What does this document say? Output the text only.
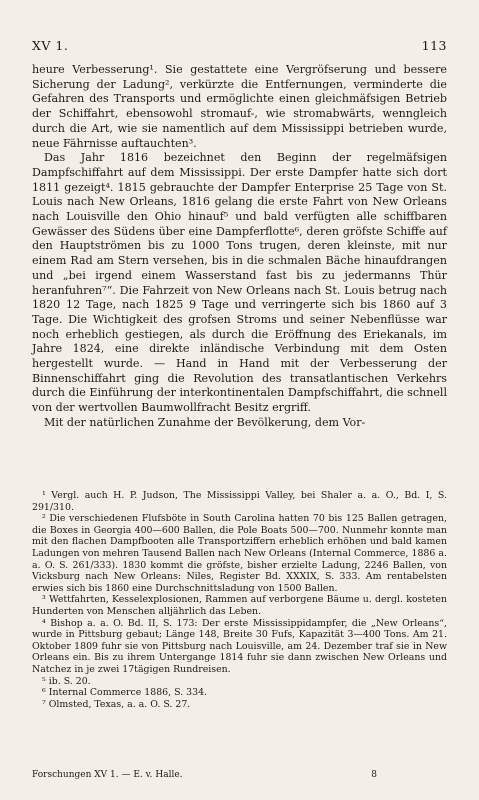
XV 1.	113

heure Verbesserung¹. Sie gestattete eine Vergröfserung und bessere Sicherung der Ladung², verkürzte die Entfernungen, verminderte die Gefahren des Transports und ermöglichte einen gleichmäfsigen Betrieb der Schiffahrt, ebensowohl stromauf-, wie stromabwärts, wenngleich durch die Art, wie sie namentlich auf dem Mississippi betrieben wurde, neue Fährnisse auftauchten³.

Das Jahr 1816 bezeichnet den Beginn der regelmäfsigen Dampfschiffahrt auf dem Mississippi. Der erste Dampfer hatte sich dort 1811 gezeigt⁴. 1815 gebrauchte der Dampfer Enterprise 25 Tage von St. Louis nach New Orleans, 1816 gelang die erste Fahrt von New Orleans nach Louisville den Ohio hinauf⁵ und bald verfügten alle schiffbaren Gewässer des Südens über eine Dampferflotte⁶, deren gröfste Schiffe auf den Hauptströmen bis zu 1000 Tons trugen, deren kleinste, mit nur einem Rad am Stern versehen, bis in die schmalen Bäche hinaufdrangen und „bei irgend einem Wasserstand fast bis zu jedermanns Thür heranfuhren⁷“. Die Fahrzeit von New Orleans nach St. Louis betrug nach 1820 12 Tage, nach 1825 9 Tage und verringerte sich bis 1860 auf 3 Tage. Die Wichtigkeit des grofsen Stroms und seiner Nebenflüsse war noch erheblich gestiegen, als durch die Eröffnung des Eriekanals, im Jahre 1824, eine direkte inländische Verbindung mit dem Osten hergestellt wurde. — Hand in Hand mit der Verbesserung der Binnenschiffahrt ging die Revolution des transatlantischen Verkehrs durch die Einführung der interkontinentalen Dampfschiffahrt, die schnell von der wertvollen Baumwollfracht Besitz ergriff.

Mit der natürlichen Zunahme der Bevölkerung, dem Vor-

¹ Vergl. auch H. P. Judson, The Mississippi Valley, bei Shaler a. a. O., Bd. I, S. 291/310.

² Die verschiedenen Flufsböte in South Carolina hatten 70 bis 125 Ballen getragen, die Boxes in Georgia 400—600 Ballen, die Pole Boats 500—700. Nunmehr konnte man mit den flachen Dampfbooten alle Transportziffern erheblich erhöhen und bald kamen Ladungen von mehren Tausend Ballen nach New Orleans (Internal Commerce, 1886 a. a. O. S. 261/333). 1830 kommt die gröfste, bisher erzielte Ladung, 2246 Ballen, von Vicksburg nach New Orleans: Niles, Register Bd. XXXIX, S. 333. Am rentabelsten erwies sich bis 1860 eine Durchschnittsladung von 1500 Ballen.

³ Wettfahrten, Kesselexplosionen, Rammen auf verborgene Bäume u. dergl. kosteten Hunderten von Menschen alljährlich das Leben.

⁴ Bishop a. a. O. Bd. II, S. 173: Der erste Mississippidampfer, die „New Orleans“, wurde in Pittsburg gebaut; Länge 148, Breite 30 Fufs, Kapazität 3—400 Tons. Am 21. Oktober 1809 fuhr sie von Pittsburg nach Louisville, am 24. Dezember traf sie in New Orleans ein. Bis zu ihrem Untergange 1814 fuhr sie dann zwischen New Orleans und Natchez in je zwei 17tägigen Rundreisen.

⁵ ib. S. 20.

⁶ Internal Commerce 1886, S. 334.

⁷ Olmsted, Texas, a. a. O. S. 27.

Forschungen XV 1. — E. v. Halle.	8
